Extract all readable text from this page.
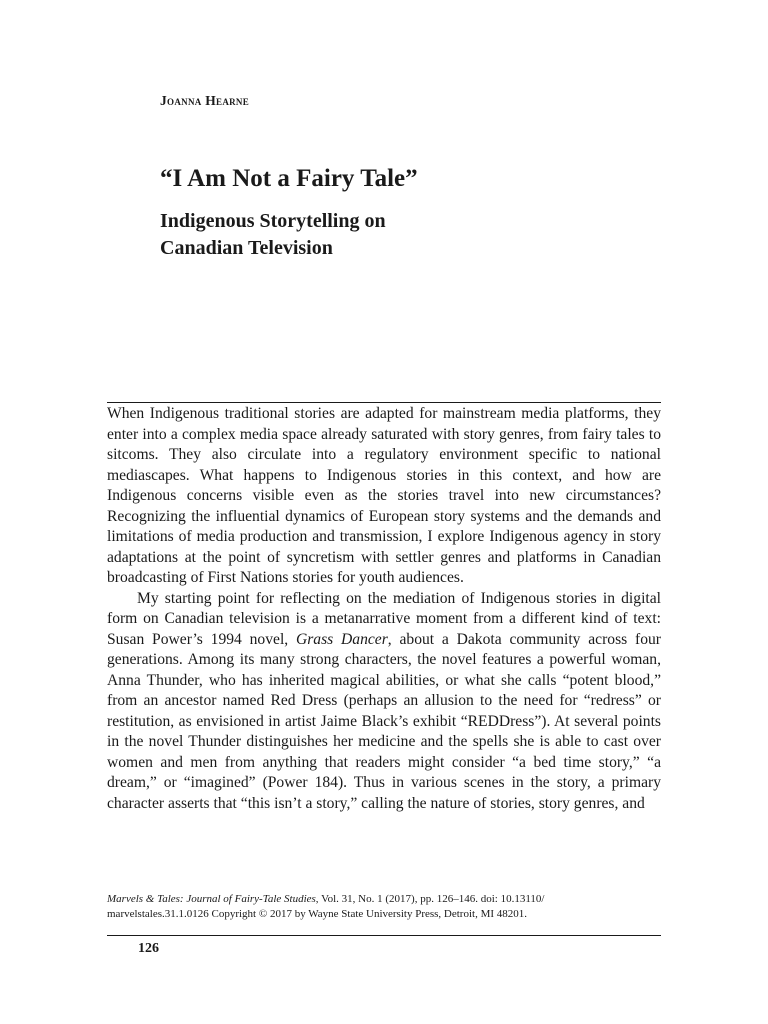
Joanna Hearne
“I Am Not a Fairy Tale”
Indigenous Storytelling on
Canadian Television

When Indigenous traditional stories are adapted for mainstream media platforms, they enter into a complex media space already saturated with story genres, from fairy tales to sitcoms. They also circulate into a regulatory environment specific to national mediascapes. What happens to Indigenous stories in this context, and how are Indigenous concerns visible even as the stories travel into new circumstances? Recognizing the influential dynamics of European story systems and the demands and limitations of media production and transmission, I explore Indigenous agency in story adaptations at the point of syncretism with settler genres and platforms in Canadian broadcasting of First Nations stories for youth audiences.

My starting point for reflecting on the mediation of Indigenous stories in digital form on Canadian television is a metanarrative moment from a different kind of text: Susan Power’s 1994 novel, Grass Dancer, about a Dakota community across four generations. Among its many strong characters, the novel features a powerful woman, Anna Thunder, who has inherited magical abilities, or what she calls “potent blood,” from an ancestor named Red Dress (perhaps an allusion to the need for “redress” or restitution, as envisioned in artist Jaime Black’s exhibit “REDDress”). At several points in the novel Thunder distinguishes her medicine and the spells she is able to cast over women and men from anything that readers might consider “a bed time story,” “a dream,” or “imagined” (Power 184). Thus in various scenes in the story, a primary character asserts that “this isn’t a story,” calling the nature of stories, story genres, and

Marvels & Tales: Journal of Fairy-Tale Studies, Vol. 31, No. 1 (2017), pp. 126–146. doi: 10.13110/
marvelstales.31.1.0126 Copyright © 2017 by Wayne State University Press, Detroit, MI 48201.
126
